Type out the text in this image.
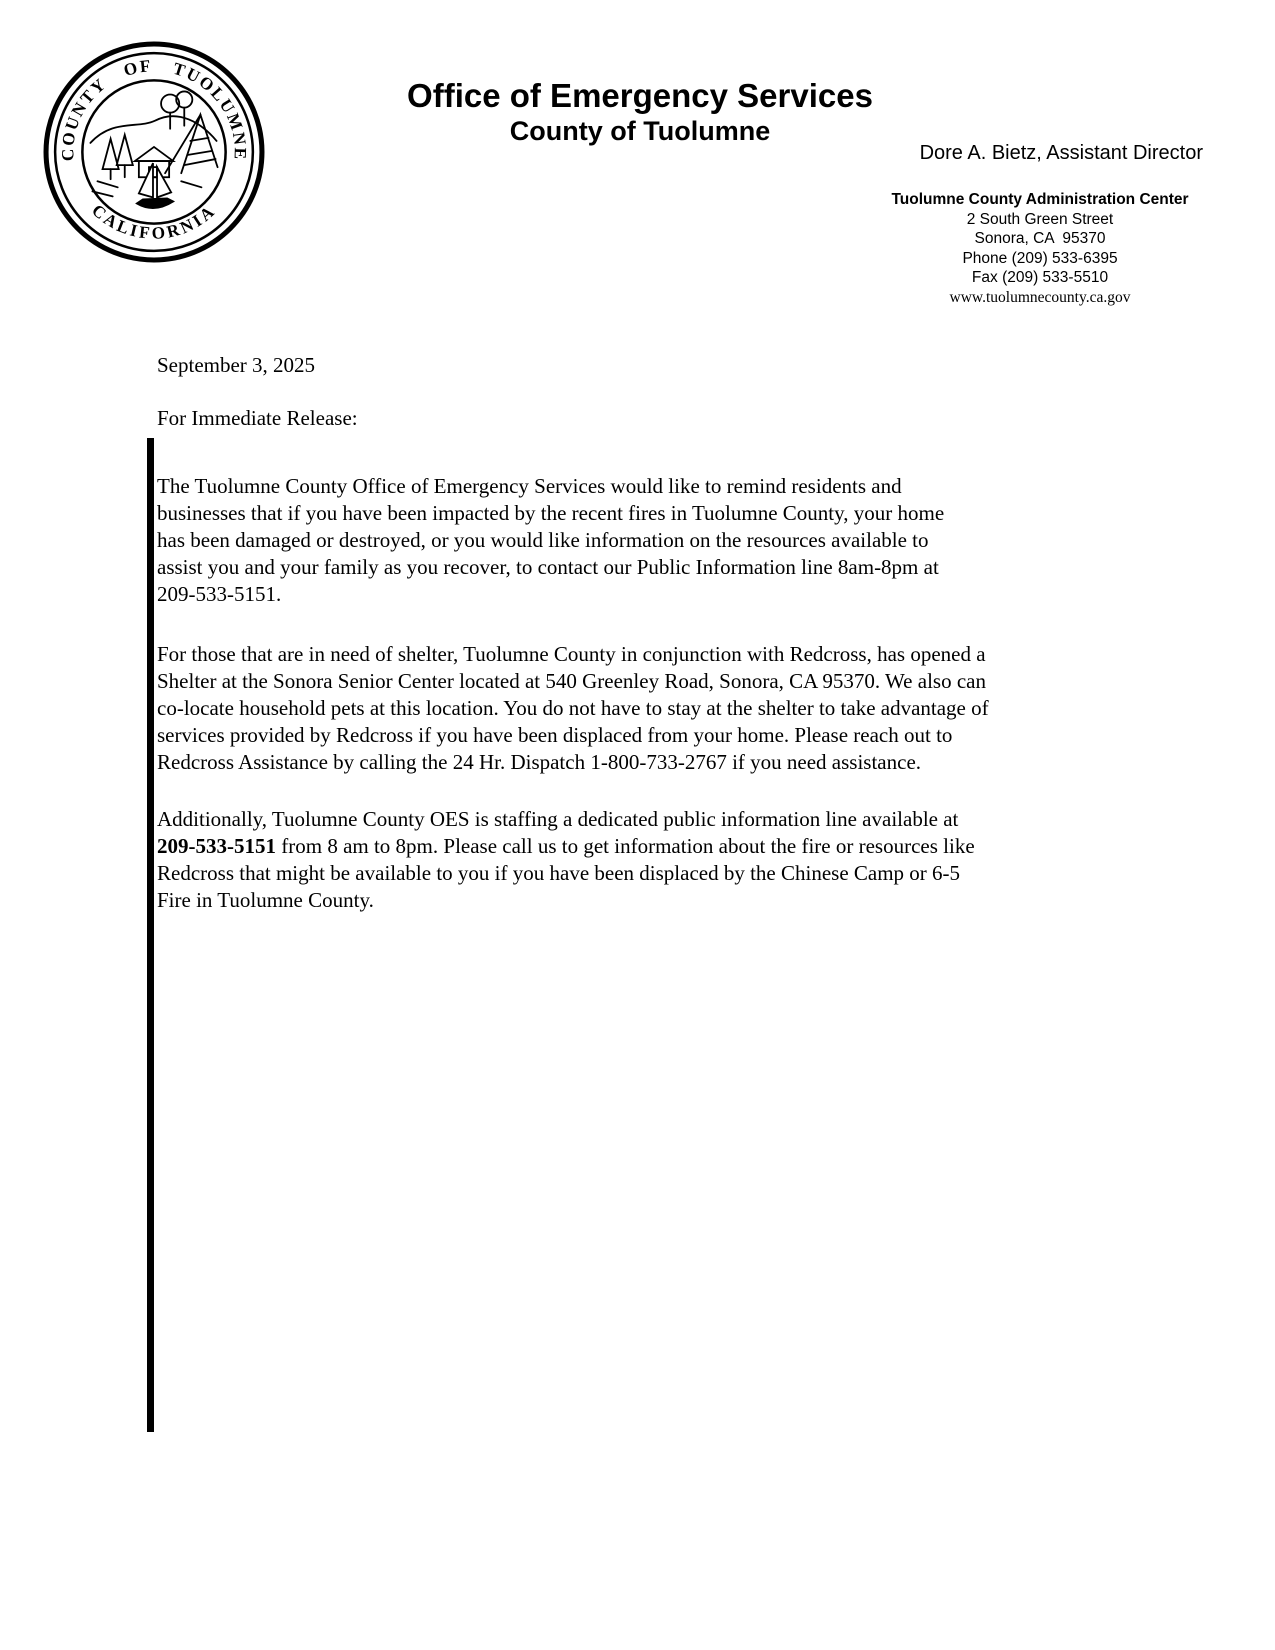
COUNTY OF TUOLUMNE
CALIFORNIA
Office of Emergency Services
County of Tuolumne
Dore A. Bietz, Assistant Director
Tuolumne County Administration Center
2 South Green Street
Sonora, CA  95370
Phone (209) 533-6395
Fax (209) 533-5510
www.tuolumnecounty.ca.gov
September 3, 2025
For Immediate Release:
The Tuolumne County Office of Emergency Services would like to remind residents and
businesses that if you have been impacted by the recent fires in Tuolumne County, your home
has been damaged or destroyed, or you would like information on the resources available to
assist you and your family as you recover, to contact our Public Information line 8am-8pm at
209-533-5151.
For those that are in need of shelter, Tuolumne County in conjunction with Redcross, has opened a
Shelter at the Sonora Senior Center located at 540 Greenley Road, Sonora, CA 95370. We also can
co-locate household pets at this location. You do not have to stay at the shelter to take advantage of
services provided by Redcross if you have been displaced from your home. Please reach out to
Redcross Assistance by calling the 24 Hr. Dispatch 1-800-733-2767 if you need assistance.
Additionally, Tuolumne County OES is staffing a dedicated public information line available at
209-533-5151 from 8 am to 8pm. Please call us to get information about the fire or resources like
Redcross that might be available to you if you have been displaced by the Chinese Camp or 6-5
Fire in Tuolumne County.
